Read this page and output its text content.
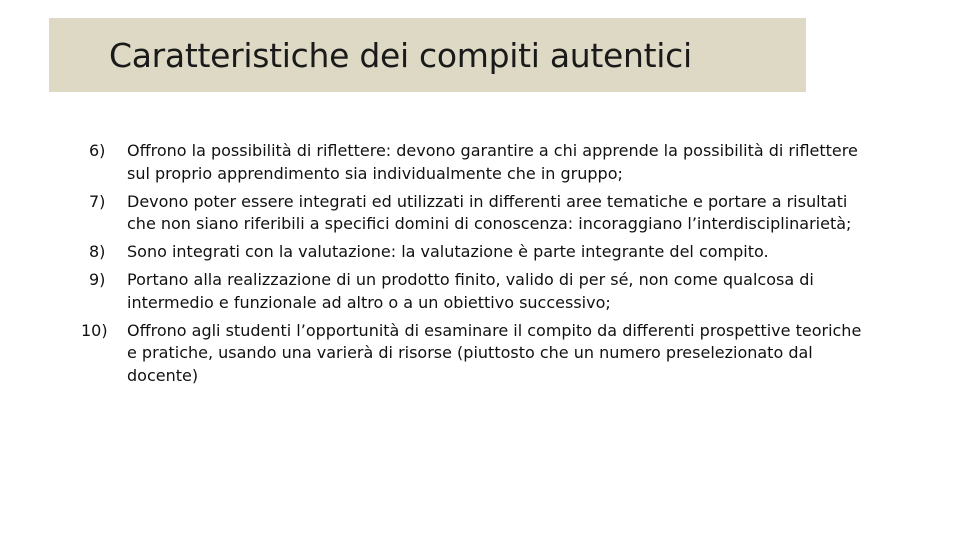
Caratteristiche dei compiti autentici
6) Offrono la possibilità di riflettere: devono garantire a chi apprende la possibilità di riflettere sul proprio apprendimento sia individualmente che in gruppo;
7) Devono poter essere integrati ed utilizzati in differenti aree tematiche e portare a risultati che non siano riferibili a specifici domini di conoscenza: incoraggiano l’interdisciplinarietà;
8) Sono integrati con la valutazione: la valutazione è parte integrante del compito.
9) Portano alla realizzazione di un prodotto finito, valido di per sé, non come qualcosa di intermedio e funzionale ad altro o a un obiettivo successivo;
10) Offrono agli studenti l’opportunità di esaminare il compito da differenti prospettive teoriche e pratiche, usando una varierà di risorse (piuttosto che un numero preselezionato dal docente)
